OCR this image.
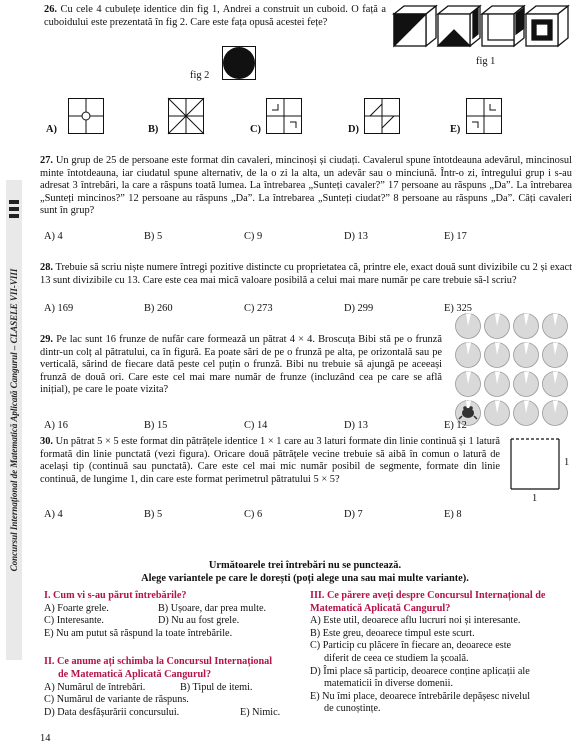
Concursul Internațional de Matematică Aplicată Cangurul – CLASELE VII-VIII
26. Cu cele 4 cubulețe identice din fig 1, Andrei a construit un cuboid. O față a cuboidului este prezentată în fig 2. Care este fața opusă acestei fețe?
fig 1
fig 2
A)	B)	C)	D)	E)
27. Un grup de 25 de persoane este format din cavaleri, mincinoși și ciudați. Cavalerul spune întotdeauna adevărul, mincinosul minte întotdeauna, iar ciudatul spune alternativ, de la o zi la alta, un adevăr sau o minciună. Într-o zi, întregului grup i s-au adresat 3 întrebări, la care a răspuns toată lumea. La întrebarea „Sunteți cavaler?” 17 persoane au răspuns „Da”. La întrebarea „Sunteți mincinos?” 12 persoane au răspuns „Da”. La întrebarea „Sunteți ciudat?” 8 persoane au răspuns „Da”. Câți cavaleri sunt în grup?
A) 4	B) 5	C) 9	D) 13	E) 17
28. Trebuie să scriu niște numere întregi pozitive distincte cu proprietatea că, printre ele, exact două sunt divizibile cu 2 și exact 13 sunt divizibile cu 13. Care este cea mai mică valoare posibilă a celui mai mare număr pe care trebuie să-l scriu?
A) 169	B) 260	C) 273	D) 299	E) 325
29. Pe lac sunt 16 frunze de nufăr care formează un pătrat 4 × 4. Broscuța Bibi stă pe o frunză dintr-un colț al pătratului, ca în figură. Ea poate sări de pe o frunză pe alta, pe orizontală sau pe verticală, sărind de fiecare dată peste cel puțin o frunză. Bibi nu trebuie să ajungă pe aceeași frunză de două ori. Care este cel mai mare număr de frunze (incluzând cea pe care se află inițial), pe care le poate vizita?
A) 16	B) 15	C) 14	D) 13	E) 12
30. Un pătrat 5 × 5 este format din pătrățele identice 1 × 1 care au 3 laturi formate din linie continuă și 1 latură formată din linie punctată (vezi figura). Oricare două pătrățele vecine trebuie să aibă în comun o latură de același tip (continuă sau punctată). Care este cel mai mic număr posibil de segmente, formate din linie continuă, de lungime 1, din care este format perimetrul pătratului 5 × 5?
1
1
A) 4	B) 5	C) 6	D) 7	E) 8
Următoarele trei întrebări nu se punctează.
Alege variantele pe care le dorești (poți alege una sau mai multe variante).
I. Cum vi s-au părut întrebările?
A) Foarte grele.	B) Ușoare, dar prea multe.
C) Interesante.	D) Nu au fost grele.
E) Nu am putut să răspund la toate întrebările.
II. Ce anume ați schimba la Concursul Internațional
de Matematică Aplicată Cangurul?
A) Numărul de întrebări.	B) Tipul de itemi.
C) Numărul de variante de răspuns.
D) Data desfășurării concursului.	E) Nimic.
III. Ce părere aveți despre Concursul Internațional de
Matematică Aplicată Cangurul?
A) Este util, deoarece aflu lucruri noi și interesante.
B) Este greu, deoarece timpul este scurt.
C) Particip cu plăcere în fiecare an, deoarece este
diferit de ceea ce studiem la școală.
D) Îmi place să particip, deoarece conține aplicații ale
matematicii în diverse domenii.
E) Nu îmi place, deoarece întrebările depășesc nivelul
de cunoștințe.
14
